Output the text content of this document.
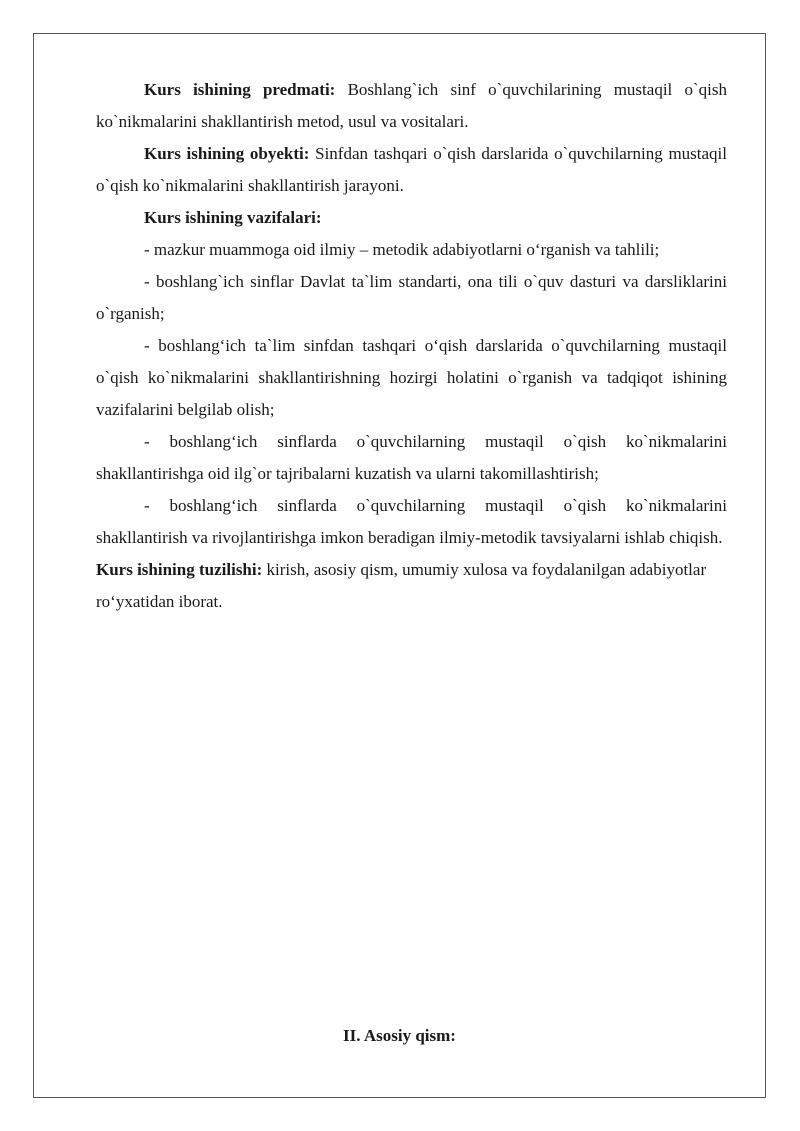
Kurs ishining predmati: Boshlang`ich sinf o`quvchilarining mustaqil o`qish ko`nikmalarini shakllantirish metod, usul va vositalari.

Kurs ishining obyekti: Sinfdan tashqari o`qish darslarida o`quvchilarning mustaqil o`qish ko`nikmalarini shakllantirish jarayoni.

Kurs ishining vazifalari:

- mazkur muammoga oid ilmiy – metodik adabiyotlarni o‘rganish va tahlili;

- boshlang`ich sinflar Davlat ta`lim standarti, ona tili o`quv dasturi va darsliklarini o`rganish;

- boshlang‘ich ta`lim sinfdan tashqari o‘qish darslarida o`quvchilarning mustaqil o`qish ko`nikmalarini shakllantirishning hozirgi holatini o`rganish va tadqiqot ishining vazifalarini belgilab olish;

- boshlang‘ich sinflarda o`quvchilarning mustaqil o`qish ko`nikmalarini shakllantirishga oid ilg`or tajribalarni kuzatish va ularni takomillashtirish;

- boshlang‘ich sinflarda o`quvchilarning mustaqil o`qish ko`nikmalarini shakllantirish va rivojlantirishga imkon beradigan ilmiy-metodik tavsiyalarni ishlab chiqish.

Kurs ishining tuzilishi: kirish, asosiy qism, umumiy xulosa va foydalanilgan adabiyotlar ro‘yxatidan iborat.

II. Asosiy qism:
